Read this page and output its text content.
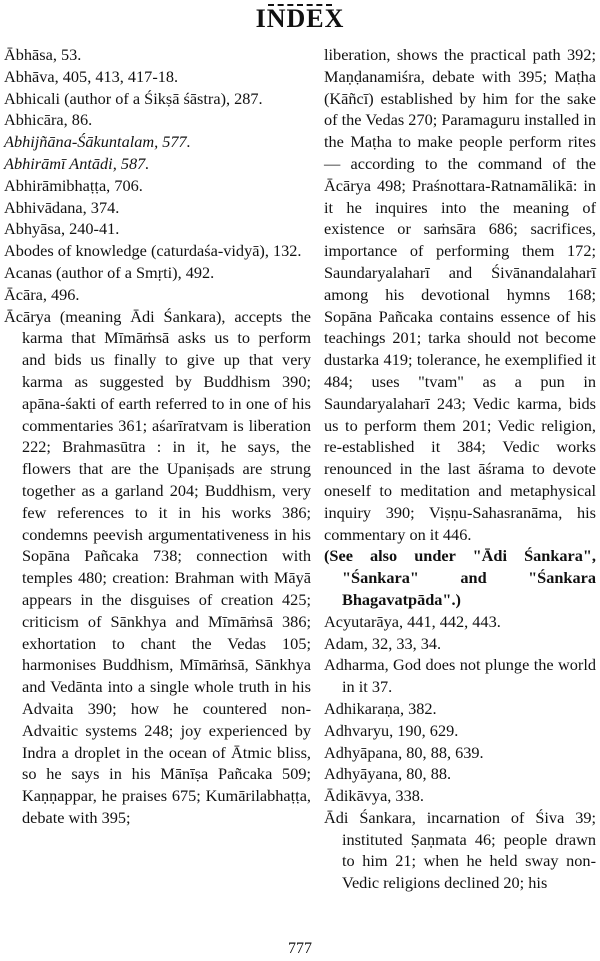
INDEX

Ābhāsa, 53.

Abhāva, 405, 413, 417-18.

Abhicali (author of a Śikṣā śāstra), 287.

Abhicāra, 86.

Abhijñāna-Śākuntalam, 577.

Abhirāmī Antādi, 587.

Abhirāmibhaṭṭa, 706.

Abhivādana, 374.

Abhyāsa, 240-41.

Abodes of knowledge (caturdaśa-vidyā), 132.

Acanas (author of a Smṛti), 492.

Ācāra, 496.

Ācārya (meaning Ādi Śankara), accepts the karma that Mīmāṁsā asks us to perform and bids us finally to give up that very karma as suggested by Buddhism 390; apāna-śakti of earth referred to in one of his commentaries 361; aśarīratvam is liberation 222; Brahmasūtra : in it, he says, the flowers that are the Upaniṣads are strung together as a garland 204; Buddhism, very few references to it in his works 386; condemns peevish argumentativeness in his Sopāna Pañcaka 738; connection with temples 480; creation: Brahman with Māyā appears in the disguises of creation 425; criticism of Sānkhya and Mīmāṁsā 386; exhortation to chant the Vedas 105; harmonises Buddhism, Mīmāṁsā, Sānkhya and Vedānta into a single whole truth in his Advaita 390; how he countered non-Advaitic systems 248; joy experienced by Indra a droplet in the ocean of Ātmic bliss, so he says in his Mānīṣa Pañcaka 509; Kaṇṇappar, he praises 675; Kumārilabhaṭṭa, debate with 395;

liberation, shows the practical path 392; Maṇḍanamiśra, debate with 395; Maṭha (Kāñcī) established by him for the sake of the Vedas 270; Paramaguru installed in the Maṭha to make people perform rites — according to the command of the Ācārya 498; Praśnottara-Ratnamālikā: in it he inquires into the meaning of existence or saṁsāra 686; sacrifices, importance of performing them 172; Saundaryalaharī and Śivānandalaharī among his devotional hymns 168; Sopāna Pañcaka contains essence of his teachings 201; tarka should not become dustarka 419; tolerance, he exemplified it 484; uses "tvam" as a pun in Saundaryalaharī 243; Vedic karma, bids us to perform them 201; Vedic religion, re-established it 384; Vedic works renounced in the last āśrama to devote oneself to meditation and metaphysical inquiry 390; Viṣṇu-Sahasranāma, his commentary on it 446.

(See also under "Ādi Śankara", "Śankara" and "Śankara Bhagavatpāda".)

Acyutarāya, 441, 442, 443.

Adam, 32, 33, 34.

Adharma, God does not plunge the world in it 37.

Adhikaraṇa, 382.

Adhvaryu, 190, 629.

Adhyāpana, 80, 88, 639.

Adhyāyana, 80, 88.

Ādikāvya, 338.

Ādi Śankara, incarnation of Śiva 39; instituted Ṣaṇmata 46; people drawn to him 21; when he held sway non-Vedic religions declined 20; his

777
